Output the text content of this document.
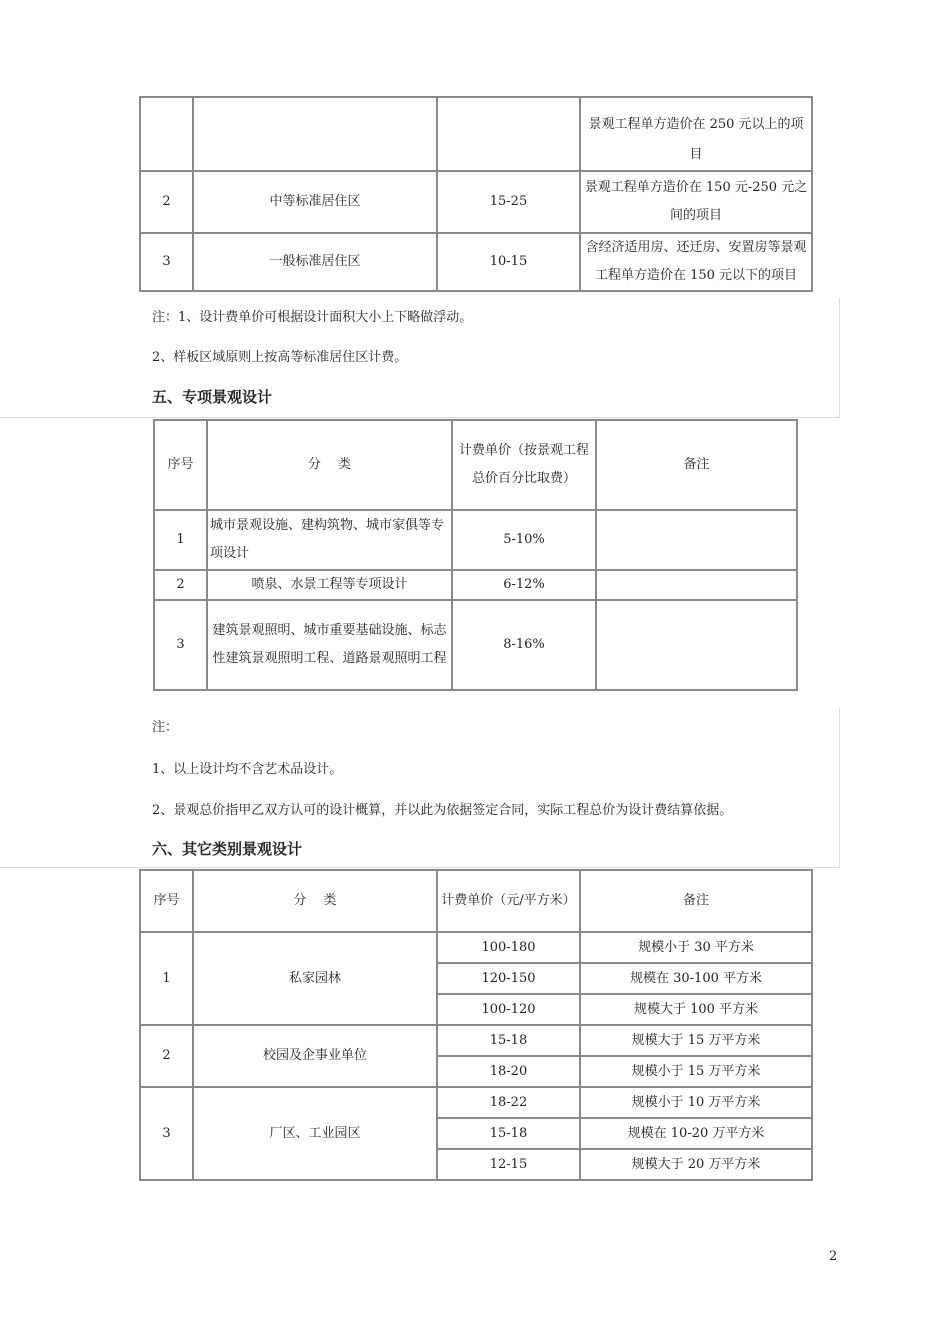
			景观工程单方造价在 250 元以上的项目
2	中等标准居住区	15-25	景观工程单方造价在 150 元-250 元之间的项目
3	一般标准居住区	10-15	含经济适用房、还迁房、安置房等景观工程单方造价在 150 元以下的项目

注：1、设计费单价可根据设计面积大小上下略做浮动。

2、样板区域原则上按高等标准居住区计费。

五、专项景观设计

序号	分　 类	计费单价（按景观工程总价百分比取费）	备注
1	城市景观设施、建构筑物、城市家俱等专项设计	5-10%	
2	喷泉、水景工程等专项设计	6-12%	
3	建筑景观照明、城市重要基础设施、标志性建筑景观照明工程、道路景观照明工程	8-16%	

注：

1、以上设计均不含艺术品设计。

2、景观总价指甲乙双方认可的设计概算，并以此为依据签定合同，实际工程总价为设计费结算依据。

六、其它类别景观设计

序号	分　 类	计费单价（元/平方米）	备注
1	私家园林	100-180	规模小于 30 平方米
		120-150	规模在 30-100 平方米
		100-120	规模大于 100 平方米
2	校园及企事业单位	15-18	规模大于 15 万平方米
		18-20	规模小于 15 万平方米
3	厂区、工业园区	18-22	规模小于 10 万平方米
		15-18	规模在 10-20 万平方米
		12-15	规模大于 20 万平方米
2
